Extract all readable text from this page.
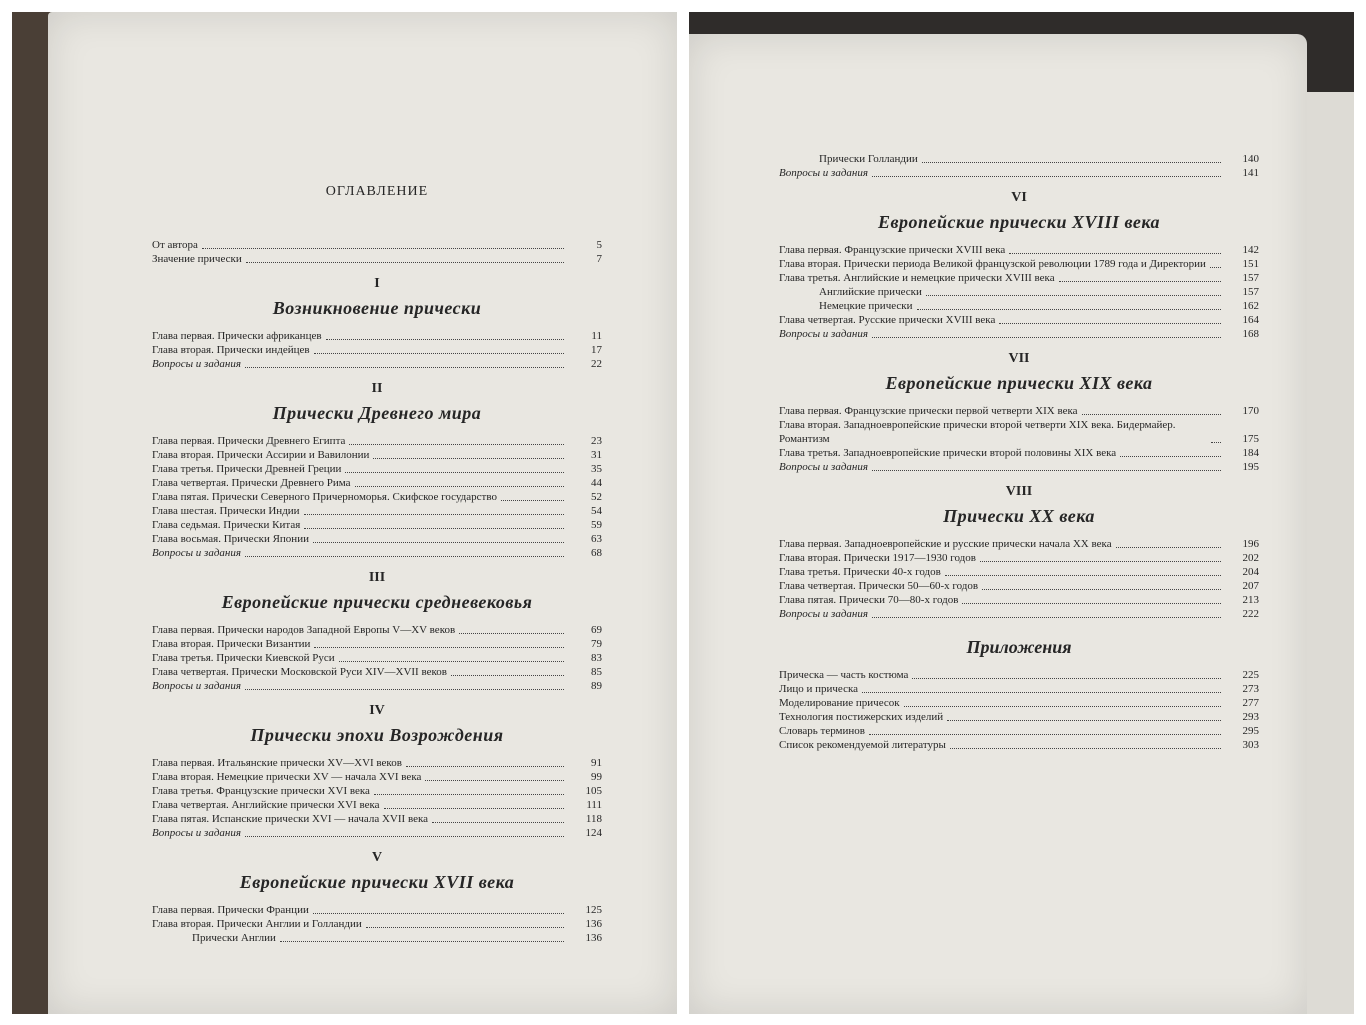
ОГЛАВЛЕНИЕ
От автора	5
Значение прически	7
I
Возникновение прически
Глава первая. Прически африканцев	11
Глава вторая. Прически индейцев	17
Вопросы и задания	22
II
Прически Древнего мира
Глава первая. Прически Древнего Египта	23
Глава вторая. Прически Ассирии и Вавилонии	31
Глава третья. Прически Древней Греции	35
Глава четвертая. Прически Древнего Рима	44
Глава пятая. Прически Северного Причерноморья. Скифское государство	52
Глава шестая. Прически Индии	54
Глава седьмая. Прически Китая	59
Глава восьмая. Прически Японии	63
Вопросы и задания	68
III
Европейские прически средневековья
Глава первая. Прически народов Западной Европы V—XV веков	69
Глава вторая. Прически Византии	79
Глава третья. Прически Киевской Руси	83
Глава четвертая. Прически Московской Руси XIV—XVII веков	85
Вопросы и задания	89
IV
Прически эпохи Возрождения
Глава первая. Итальянские прически XV—XVI веков	91
Глава вторая. Немецкие прически XV — начала XVI века	99
Глава третья. Французские прически XVI века	105
Глава четвертая. Английские прически XVI века	111
Глава пятая. Испанские прически XVI — начала XVII века	118
Вопросы и задания	124
V
Европейские прически XVII века
Глава первая. Прически Франции	125
Глава вторая. Прически Англии и Голландии	136
Прически Англии	136
Прически Голландии	140
Вопросы и задания	141
VI
Европейские прически XVIII века
Глава первая. Французские прически XVIII века	142
Глава вторая. Прически периода Великой французской революции 1789 года и Директории	151
Глава третья. Английские и немецкие прически XVIII века	157
Английские прически	157
Немецкие прически	162
Глава четвертая. Русские прически XVIII века	164
Вопросы и задания	168
VII
Европейские прически XIX века
Глава первая. Французские прически первой четверти XIX века	170
Глава вторая. Западноевропейские прически второй четверти XIX века. Бидермайер. Романтизм	175
Глава третья. Западноевропейские прически второй половины XIX века	184
Вопросы и задания	195
VIII
Прически XX века
Глава первая. Западноевропейские и русские прически начала XX века	196
Глава вторая. Прически 1917—1930 годов	202
Глава третья. Прически 40-х годов	204
Глава четвертая. Прически 50—60-х годов	207
Глава пятая. Прически 70—80-х годов	213
Вопросы и задания	222
Приложения
Прическа — часть костюма	225
Лицо и прическа	273
Моделирование причесок	277
Технология постижерских изделий	293
Словарь терминов	295
Список рекомендуемой литературы	303
